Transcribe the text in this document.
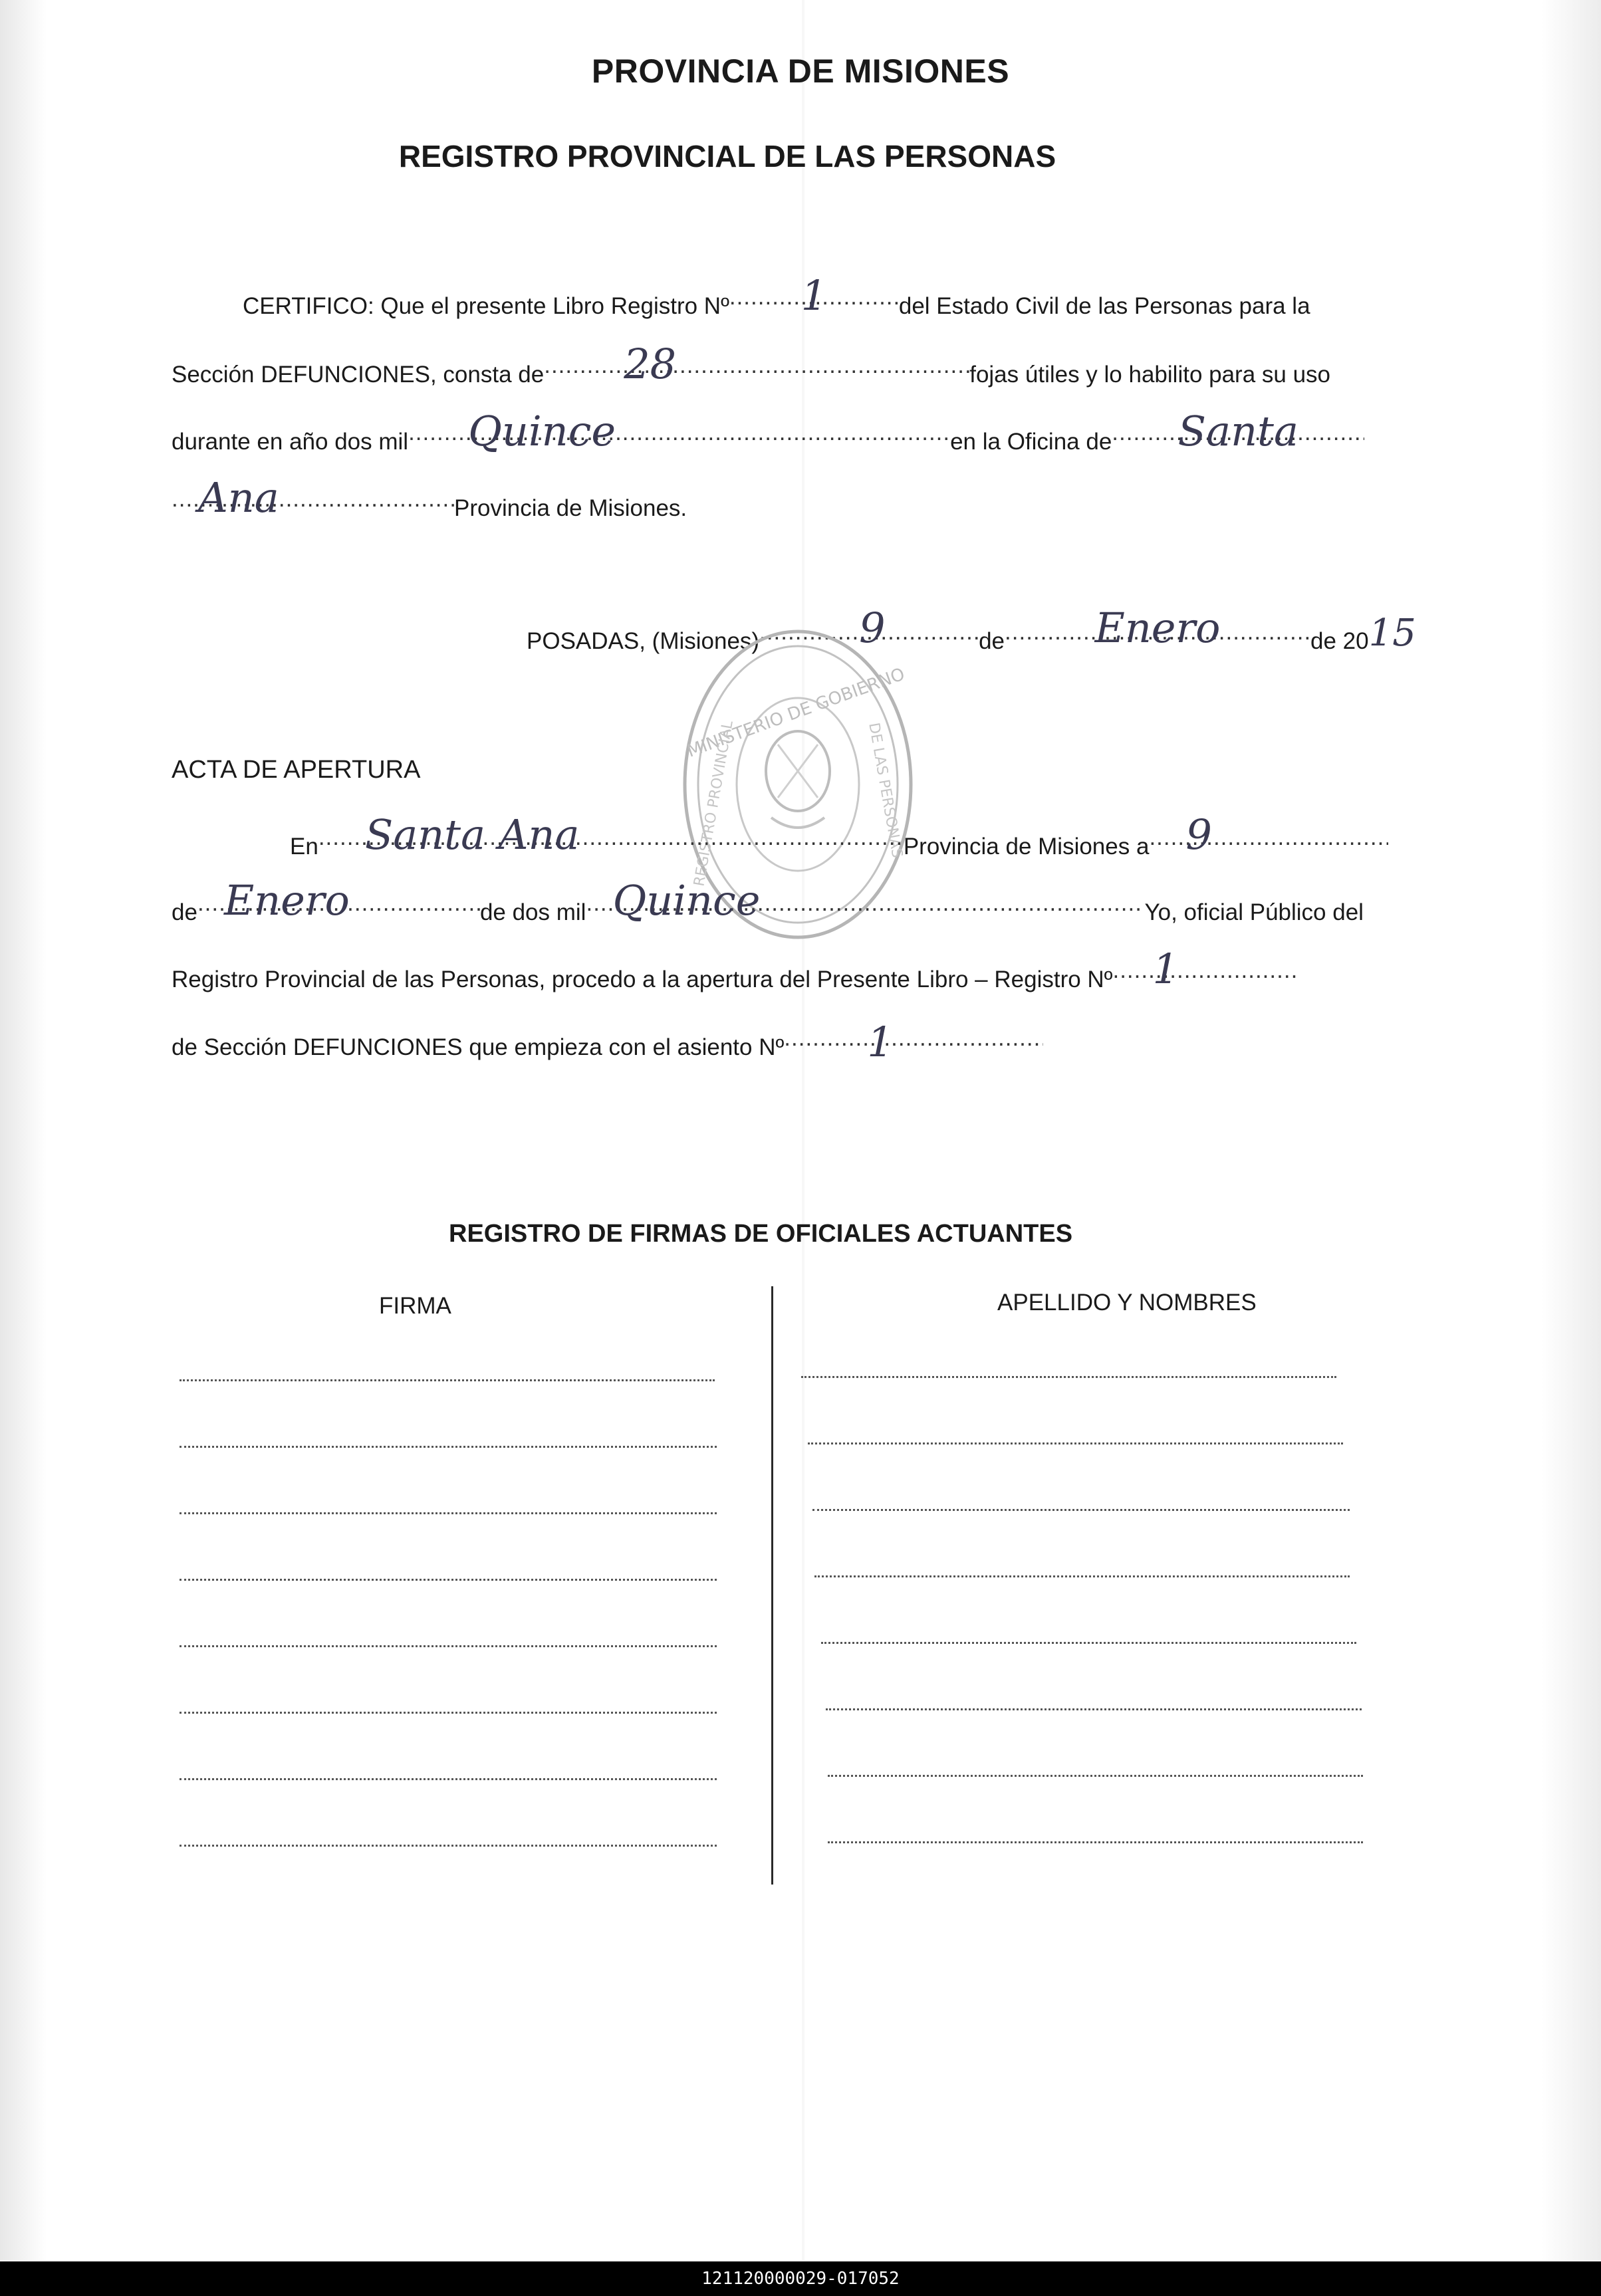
PROVINCIA DE MISIONES
REGISTRO PROVINCIAL DE LAS PERSONAS
CERTIFICO: Que el presente Libro Registro Nº .....	1	del Estado Civil de las Personas para la
Sección DEFUNCIONES, consta de ..... 28	fojas útiles y lo habilito para su uso
durante en año dos mil ..... Quince	en la Oficina de .....	Santa
.....
Ana	Provincia de Misiones.
POSADAS, (Misiones) ..... 9	de .....	Enero	de 20 15
MINISTERIO DE GOBIERNO
REGISTRO PROVINCIAL	DE LAS PERSONAS
ACTA DE APERTURA
En ..... Santa Ana	Provincia de Misiones a ..... 9
de ..... Enero	de dos mil ..... Quince	Yo, oficial Público del
Registro Provincial de las Personas, procedo a la apertura del Presente Libro – Registro Nº ..... 1
de Sección DEFUNCIONES que empieza con el asiento Nº ..... 1
REGISTRO DE FIRMAS DE OFICIALES ACTUANTES
FIRMA	APELLIDO Y NOMBRES
121120000029-017052
